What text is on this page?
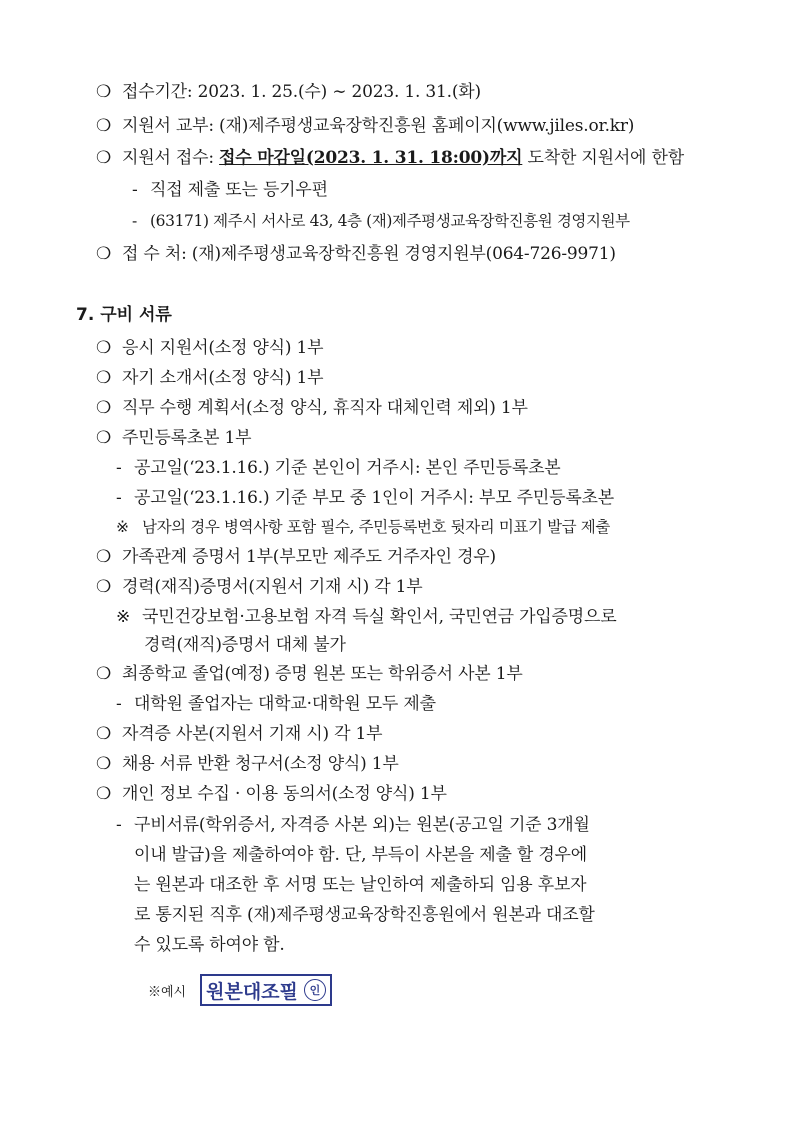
❍ 접수기간: 2023. 1. 25.(수) ∼ 2023. 1. 31.(화)
❍ 지원서 교부: (재)제주평생교육장학진흥원 홈페이지(www.jiles.or.kr)
❍ 지원서 접수: 접수 마감일(2023. 1. 31. 18:00)까지 도착한 지원서에 한함
- 직접 제출 또는 등기우편
- (63171) 제주시 서사로 43, 4층 (재)제주평생교육장학진흥원 경영지원부
❍ 접 수 처: (재)제주평생교육장학진흥원 경영지원부(064-726-9971)
7. 구비 서류
❍ 응시 지원서(소정 양식) 1부
❍ 자기 소개서(소정 양식) 1부
❍ 직무 수행 계획서(소정 양식, 휴직자 대체인력 제외) 1부
❍ 주민등록초본 1부
- 공고일(‘23.1.16.) 기준 본인이 거주시: 본인 주민등록초본
- 공고일(‘23.1.16.) 기준 부모 중 1인이 거주시: 부모 주민등록초본
※ 남자의 경우 병역사항 포함 필수, 주민등록번호 뒷자리 미표기 발급 제출
❍ 가족관계 증명서 1부(부모만 제주도 거주자인 경우)
❍ 경력(재직)증명서(지원서 기재 시) 각 1부
※ 국민건강보험·고용보험 자격 득실 확인서, 국민연금 가입증명으로
경력(재직)증명서 대체 불가
❍ 최종학교 졸업(예정) 증명 원본 또는 학위증서 사본 1부
- 대학원 졸업자는 대학교·대학원 모두 제출
❍ 자격증 사본(지원서 기재 시) 각 1부
❍ 채용 서류 반환 청구서(소정 양식) 1부
❍ 개인 정보 수집 · 이용 동의서(소정 양식) 1부
- 구비서류(학위증서, 자격증 사본 외)는 원본(공고일 기준 3개월
이내 발급)을 제출하여야 함. 단, 부득이 사본을 제출 할 경우에
는 원본과 대조한 후 서명 또는 날인하여 제출하되 임용 후보자
로 통지된 직후 (재)제주평생교육장학진흥원에서 원본과 대조할
수 있도록 하여야 함.
※예시 원본대조필	인
